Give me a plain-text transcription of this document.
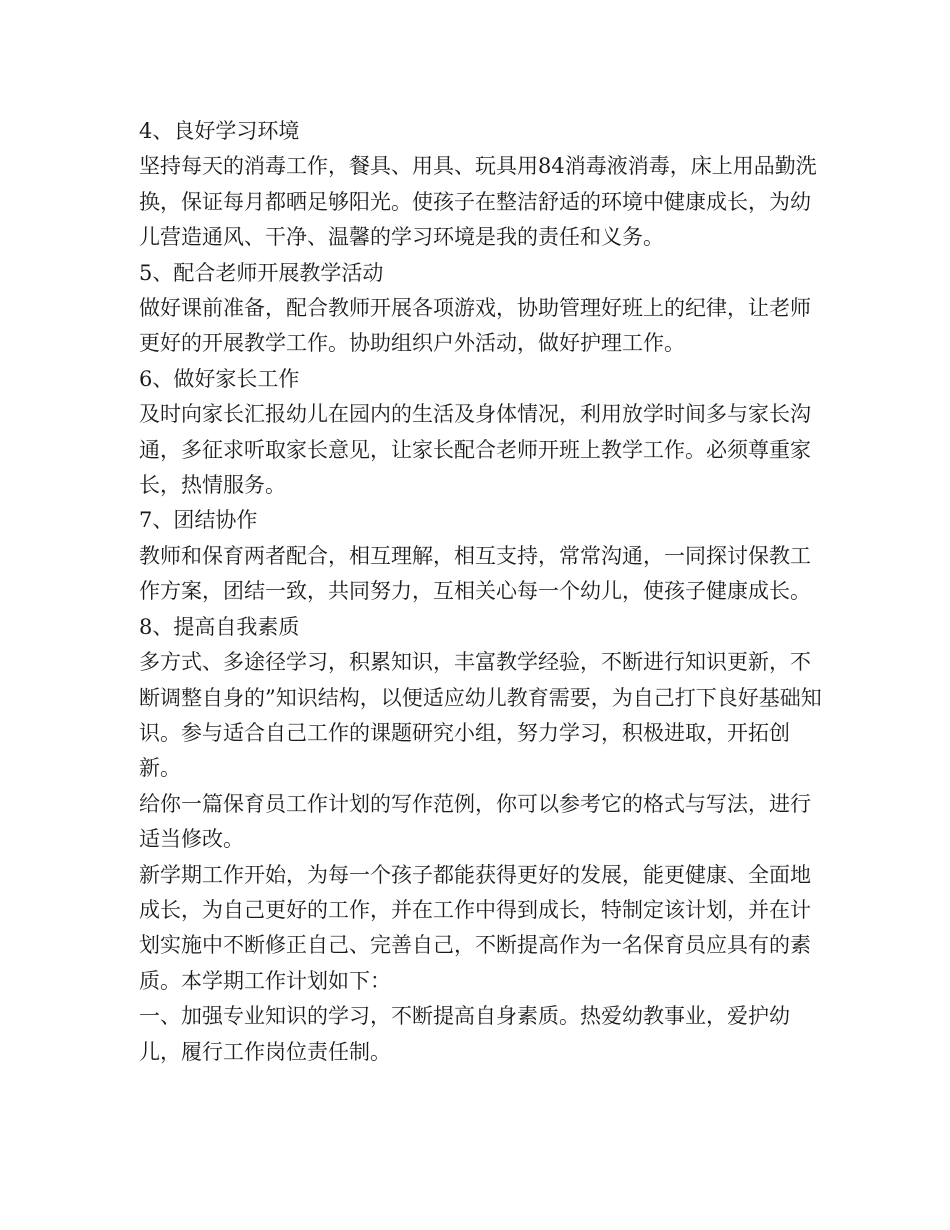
4、良好学习环境

坚持每天的消毒工作，餐具、用具、玩具用84消毒液消毒，床上用品勤洗换，保证每月都晒足够阳光。使孩子在整洁舒适的环境中健康成长，为幼儿营造通风、干净、温馨的学习环境是我的责任和义务。

5、配合老师开展教学活动

做好课前准备，配合教师开展各项游戏，协助管理好班上的纪律，让老师更好的开展教学工作。协助组织户外活动，做好护理工作。

6、做好家长工作

及时向家长汇报幼儿在园内的生活及身体情况，利用放学时间多与家长沟通，多征求听取家长意见，让家长配合老师开班上教学工作。必须尊重家长，热情服务。

7、团结协作

教师和保育两者配合，相互理解，相互支持，常常沟通，一同探讨保教工作方案，团结一致，共同努力，互相关心每一个幼儿，使孩子健康成长。

8、提高自我素质

多方式、多途径学习，积累知识，丰富教学经验，不断进行知识更新，不断调整自身的”知识结构，以便适应幼儿教育需要，为自己打下良好基础知识。参与适合自己工作的课题研究小组，努力学习，积极进取，开拓创新。

给你一篇保育员工作计划的写作范例，你可以参考它的格式与写法，进行适当修改。

新学期工作开始，为每一个孩子都能获得更好的发展，能更健康、全面地成长，为自己更好的工作，并在工作中得到成长，特制定该计划，并在计划实施中不断修正自己、完善自己，不断提高作为一名保育员应具有的素质。本学期工作计划如下：

一、加强专业知识的学习，不断提高自身素质。热爱幼教事业，爱护幼儿，履行工作岗位责任制。
